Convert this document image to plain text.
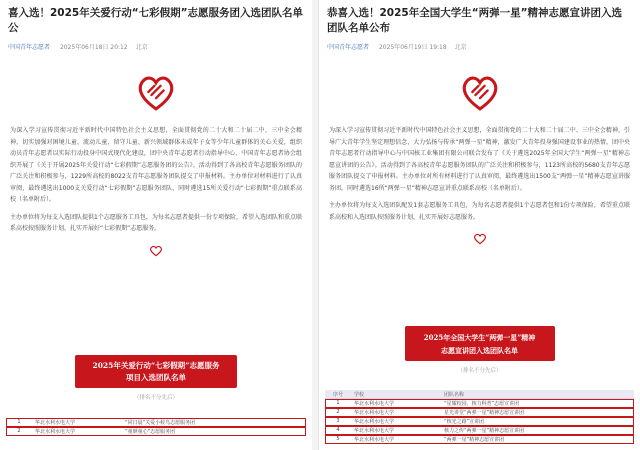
喜入选！2025年关爱行动“七彩假期”志愿服务团入选团队名单公
中国青年志愿者 2025年06月18日 20:12 北京

为深入学习宣传贯彻习近平新时代中国特色社会主义思想，全面贯彻党的二十大和二十届二中、三中全会精神，切实加强对困境儿童、流动儿童、留守儿童、新兴领域群体未成年子女等少年儿童群体的关心关爱，组织动员青年志愿者以实际行动投身中国式现代化建设，团中央青年志愿者行动指导中心、中国青年志愿者协会组织开展了《关于开展2025年关爱行动“七彩假期”志愿服务团的公告》。活动得到了各高校青年志愿服务团队的广泛关注和积极参与，1229所高校的8022支青年志愿服务团队提交了申报材料。主办单位对材料进行了认真审阅，最终遴选出1000支关爱行动“七彩假期”志愿服务团队，同时遴选15所关爱行动“七彩假期”重点联系高校（名单附后）。

主办单位将为每支入选团队提供1个志愿服务工具包，为每名志愿者提供一份专项保险，希望入选团队和重点联系高校按照服务计划，扎实开展好“七彩假期”志愿服务。

2025年关爱行动“七彩假期”志愿服务
项目入选团队名单
（排名不分先后）
1	华北水利水电大学	“同日晨”关爱小候鸟志愿服务团
2	华北水利水电大学	“童颜童心”志愿服务团
恭喜入选！2025年全国大学生“两弹一星”精神志愿宣讲团入选团队名单公布
中国青年志愿者 2025年06月19日 19:18 北京

为深入学习宣传贯彻习近平新时代中国特色社会主义思想，全面贯彻党的二十大和二十届二中、三中全会精神，引导广大青年学生坚定理想信念，大力弘扬与传承“两弹一星”精神，激发广大青年投身强国建设事业的热情，团中央青年志愿者行动指导中心与中国核工业集团有限公司联合发布了《关于遴选2025年全国大学生“两弹一星”精神志愿宣讲团的公告》。活动得到了各高校青年志愿服务团队的广泛关注和积极参与，1123所高校的5680支青年志愿服务团队提交了申报材料。主办单位对所有材料进行了认真审阅，最终遴选出1500支“两弹一星”精神志愿宣讲服务团，同时遴选16所“两弹一星”精神志愿宣讲重点联系高校（名单附后）。

主办单位将为每支入选团队配发1套志愿服务工具包，为每名志愿者提供1个志愿者包和1份专项保险，希望重点联系高校和入选团队按照服务计划，扎实开展好志愿服务。

2025年全国大学生“两弹一星”精神
志愿宣讲团入选团队名单
（排名不分先后）
序号	学校	团队名称
1	华北水利水电大学	“星耀校园，核力科普”志愿宣讲团
2	华北水利水电大学	星光讲堂“两弹一星”精神志愿宣讲团
3	华北水利水电大学	“核光之路”宣讲团
4	华北水利水电大学	核力之传“两弹一星”精神志愿宣讲团
5	华北水利水电大学	“两弹一星”精神志愿宣讲团
